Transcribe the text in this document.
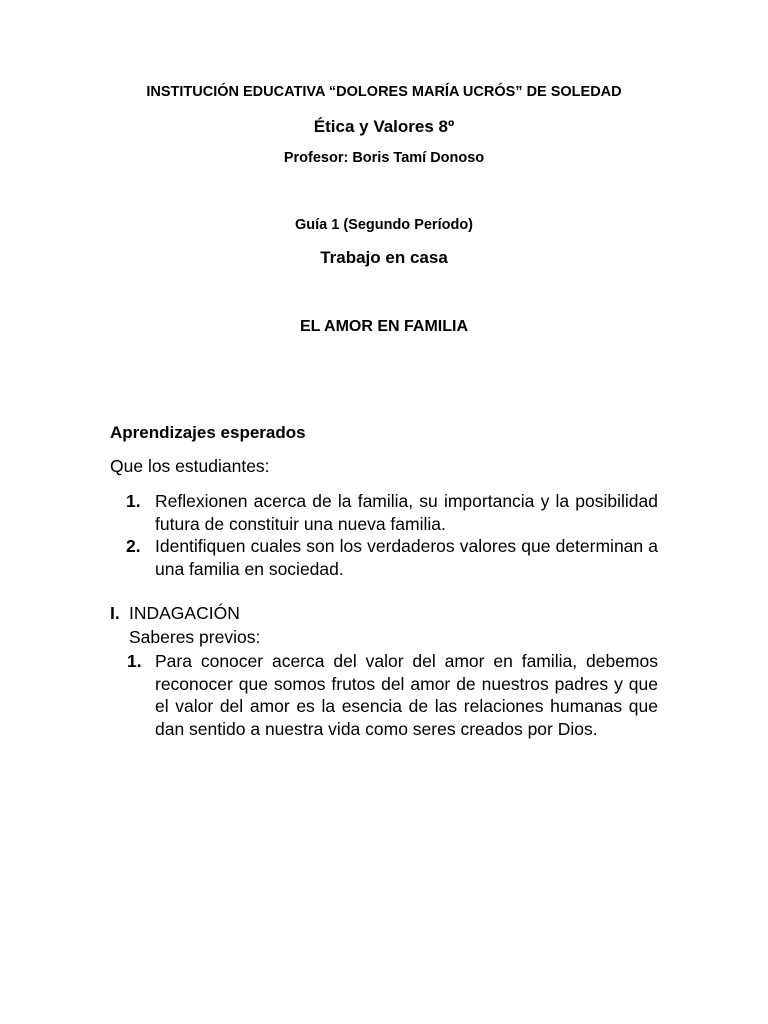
INSTITUCIÓN EDUCATIVA “DOLORES MARÍA UCRÓS” DE SOLEDAD
Ética y Valores 8º
Profesor: Boris Tamí Donoso
Guía 1 (Segundo Período)
Trabajo en casa
EL AMOR EN FAMILIA
Aprendizajes esperados
Que los estudiantes:
1. Reflexionen acerca de la familia, su importancia y la posibilidad futura de constituir una nueva familia.
2. Identifiquen cuales son los verdaderos valores que determinan a una familia en sociedad.
I. INDAGACIÓN
Saberes previos:
1. Para conocer acerca del valor del amor en familia, debemos reconocer que somos frutos del amor de nuestros padres y que el valor del amor es la esencia de las relaciones humanas que dan sentido a nuestra vida como seres creados por Dios.
